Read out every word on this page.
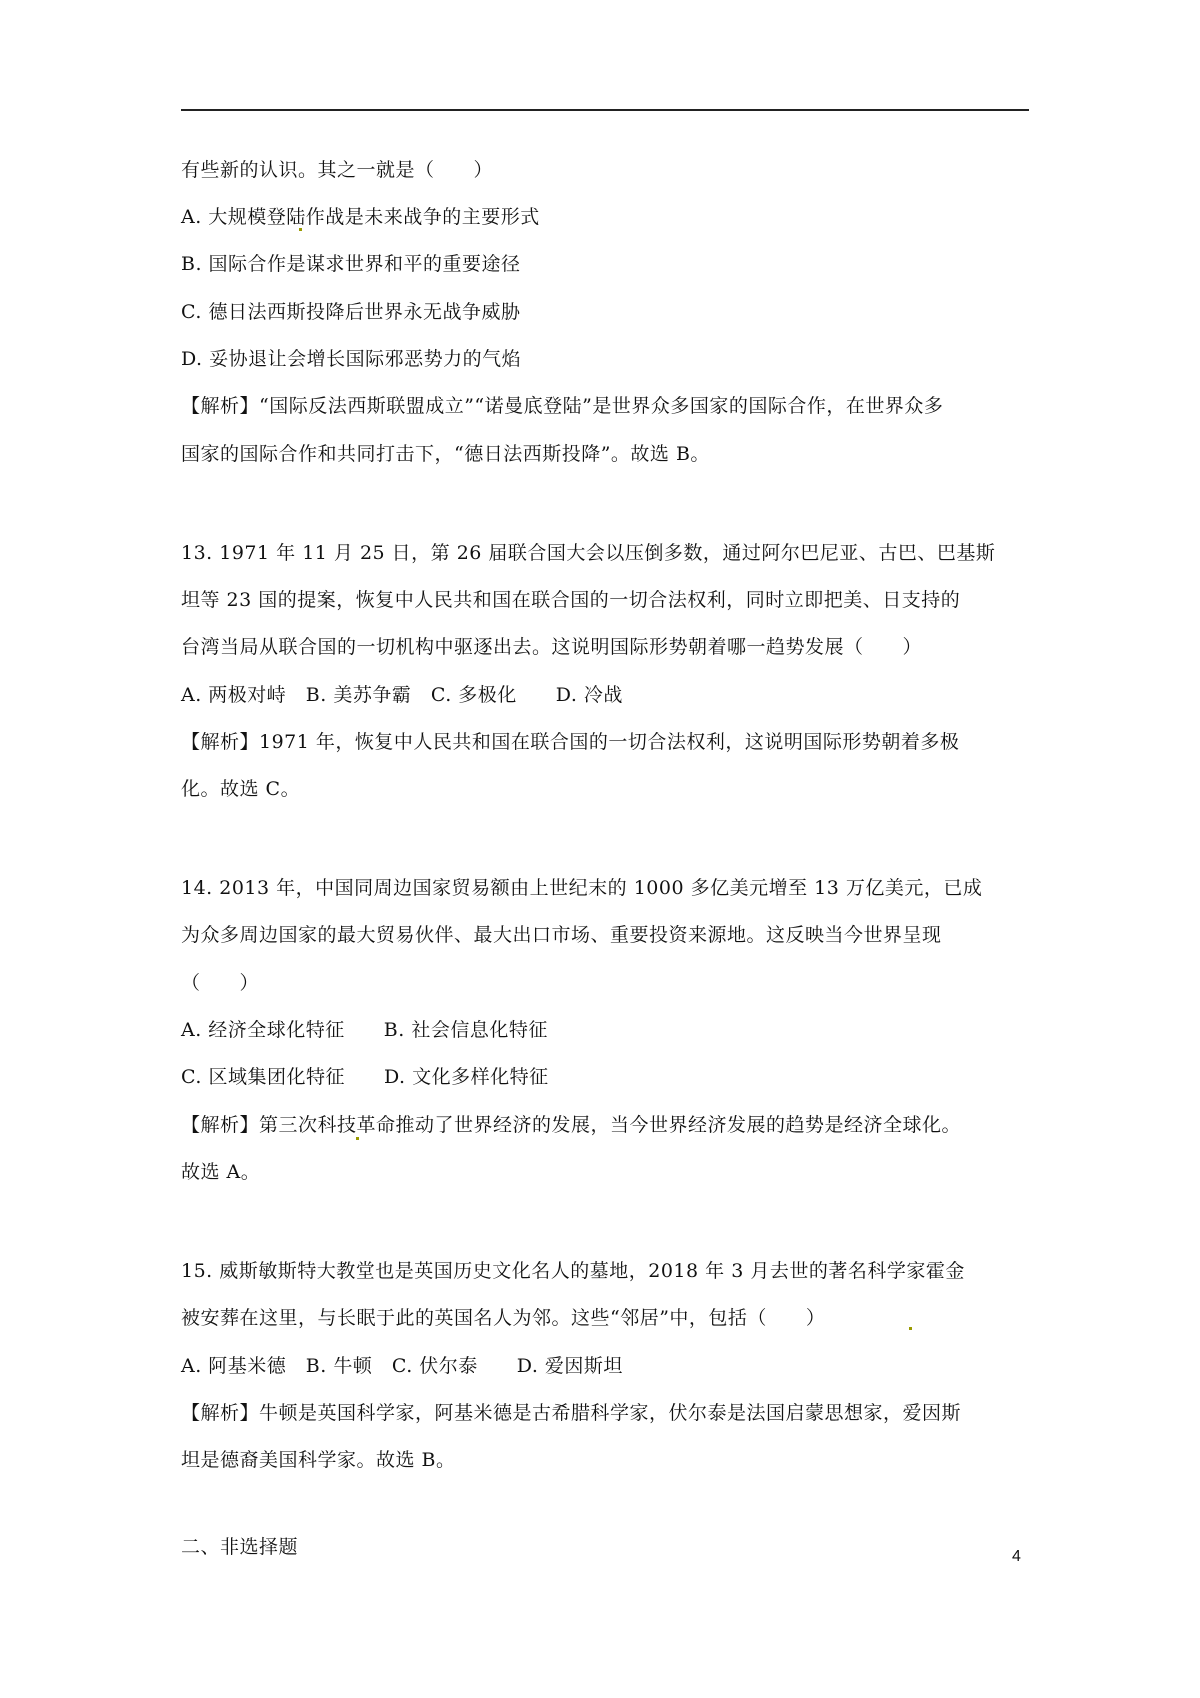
有些新的认识。其之一就是（　　）
A. 大规模登陆作战是未来战争的主要形式
B. 国际合作是谋求世界和平的重要途径
C. 德日法西斯投降后世界永无战争威胁
D. 妥协退让会增长国际邪恶势力的气焰
【解析】“国际反法西斯联盟成立”“诺曼底登陆”是世界众多国家的国际合作，在世界众多
国家的国际合作和共同打击下，“德日法西斯投降”。故选 B。
13. 1971 年 11 月 25 日，第 26 届联合国大会以压倒多数，通过阿尔巴尼亚、古巴、巴基斯
坦等 23 国的提案，恢复中人民共和国在联合国的一切合法权利，同时立即把美、日支持的
台湾当局从联合国的一切机构中驱逐出去。这说明国际形势朝着哪一趋势发展（　　）
A. 两极对峙　B. 美苏争霸　C. 多极化　　D. 冷战
【解析】1971 年，恢复中人民共和国在联合国的一切合法权利，这说明国际形势朝着多极
化。故选 C。
14. 2013 年，中国同周边国家贸易额由上世纪末的 1000 多亿美元增至 13 万亿美元，已成
为众多周边国家的最大贸易伙伴、最大出口市场、重要投资来源地。这反映当今世界呈现
（　　）
A. 经济全球化特征　　B. 社会信息化特征
C. 区域集团化特征　　D. 文化多样化特征
【解析】第三次科技革命推动了世界经济的发展，当今世界经济发展的趋势是经济全球化。
故选 A。
15. 威斯敏斯特大教堂也是英国历史文化名人的墓地，2018 年 3 月去世的著名科学家霍金
被安葬在这里，与长眠于此的英国名人为邻。这些“邻居”中，包括（　　）
A. 阿基米德　B. 牛顿　C. 伏尔泰　　D. 爱因斯坦
【解析】牛顿是英国科学家，阿基米德是古希腊科学家，伏尔泰是法国启蒙思想家，爱因斯
坦是德裔美国科学家。故选 B。
二、非选择题	4
